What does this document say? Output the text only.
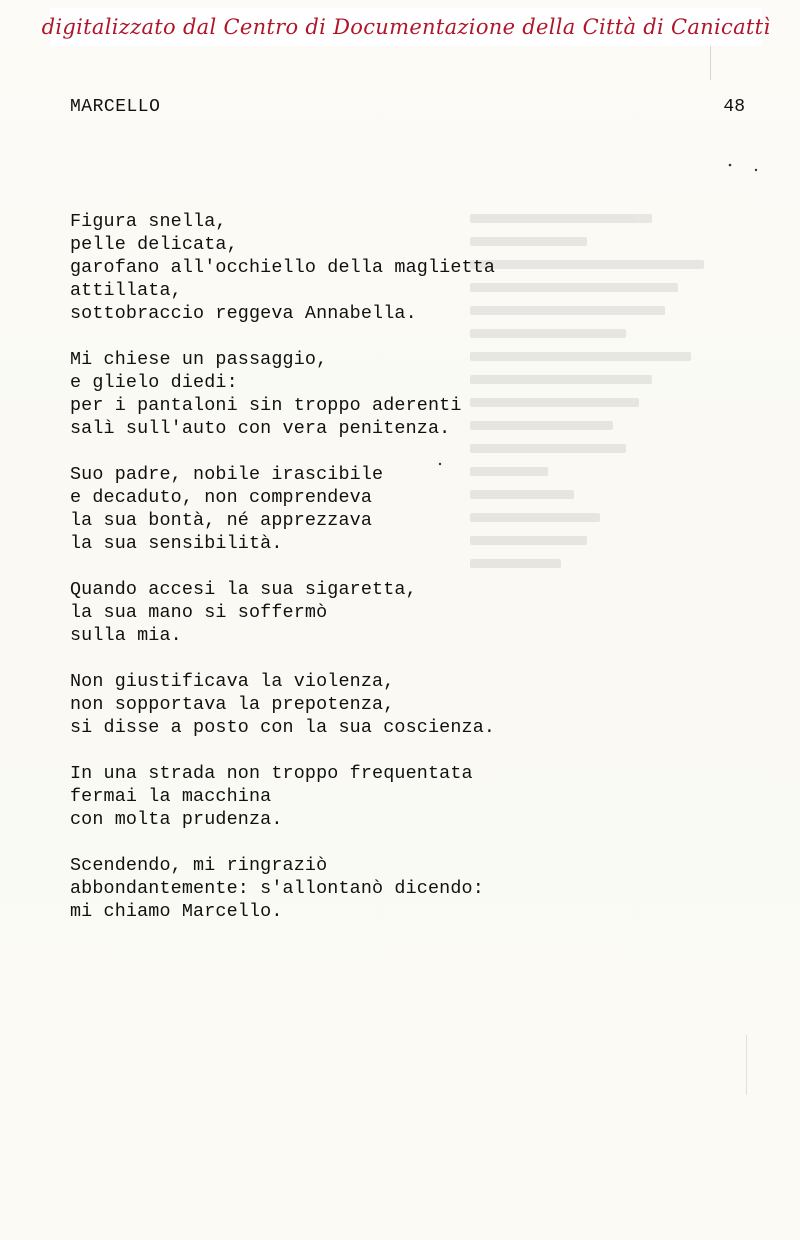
digitalizzato dal Centro di Documentazione della Città di Canicattì
MARCELLO	48
Figura snella,
pelle delicata,
garofano all'occhiello della maglietta
attillata,
sottobraccio reggeva Annabella.
Mi chiese un passaggio,
e glielo diedi:
per i pantaloni sin troppo aderenti
salì sull'auto con vera penitenza.
Suo padre, nobile irascibile
e decaduto, non comprendeva
la sua bontà, né apprezzava
la sua sensibilità.
Quando accesi la sua sigaretta,
la sua mano si soffermò
sulla mia.
Non giustificava la violenza,
non sopportava la prepotenza,
si disse a posto con la sua coscienza.
In una strada non troppo frequentata
fermai la macchina
con molta prudenza.
Scendendo, mi ringraziò
abbondantemente: s'allontanò dicendo:
mi chiamo Marcello.
